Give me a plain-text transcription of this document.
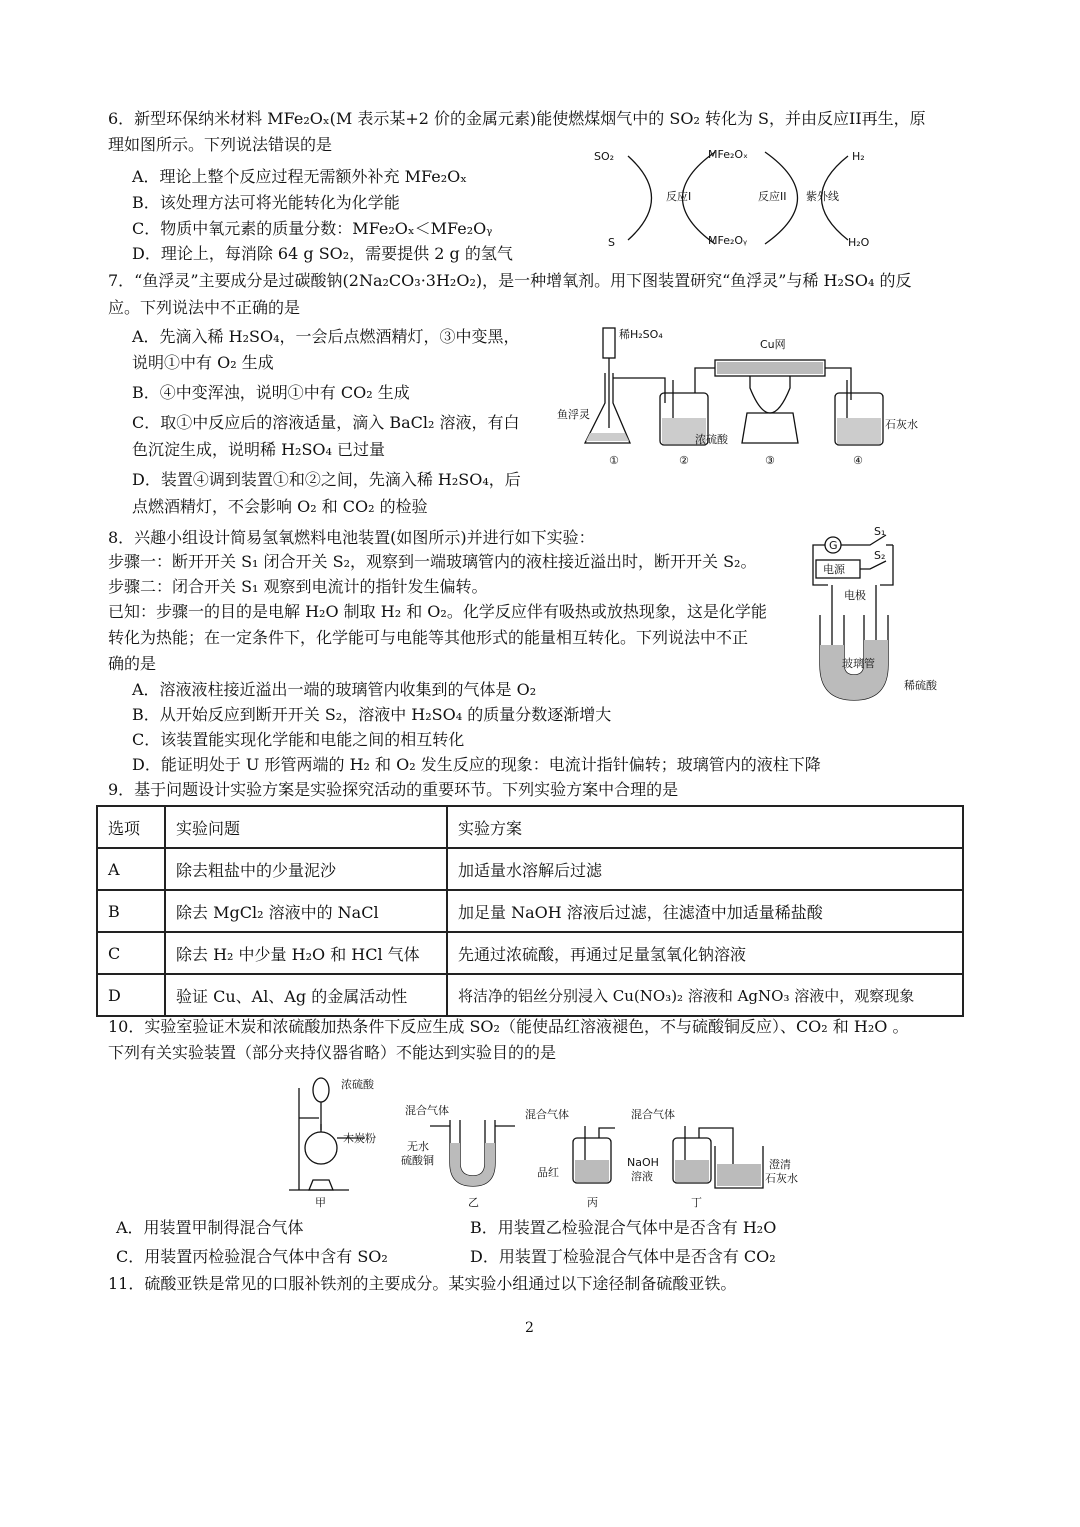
6．新型环保纳米材料 MFe₂Oₓ(M 表示某+2 价的金属元素)能使燃煤烟气中的 SO₂ 转化为 S，并由反应II再生，原
理如图所示。下列说法错误的是
A．理论上整个反应过程无需额外补充 MFe₂Oₓ
B．该处理方法可将光能转化为化学能
C．物质中氧元素的质量分数：MFe₂Oₓ＜MFe₂Oᵧ
D．理论上，每消除 64 g SO₂，需要提供 2 g 的氢气
SO₂
S
MFe₂Oₓ
MFe₂Oᵧ
H₂
H₂O
反应I	反应II 紫外线
7．“鱼浮灵”主要成分是过碳酸钠(2Na₂CO₃·3H₂O₂)，是一种增氧剂。用下图装置研究“鱼浮灵”与稀 H₂SO₄ 的反
应。下列说法中不正确的是
A．先滴入稀 H₂SO₄，一会后点燃酒精灯，③中变黑，
说明①中有 O₂ 生成
B．④中变浑浊，说明①中有 CO₂ 生成
C．取①中反应后的溶液适量，滴入 BaCl₂ 溶液，有白
色沉淀生成，说明稀 H₂SO₄ 已过量
D．装置④调到装置①和②之间，先滴入稀 H₂SO₄，后
点燃酒精灯，不会影响 O₂ 和 CO₂ 的检验
稀H₂SO₄
Cu网
鱼浮灵
浓硫酸
石灰水
①	②	③	④
8．兴趣小组设计简易氢氧燃料电池装置(如图所示)并进行如下实验：
步骤一：断开开关 S₁ 闭合开关 S₂，观察到一端玻璃管内的液柱接近溢出时，断开开关 S₂。
步骤二：闭合开关 S₁ 观察到电流计的指针发生偏转。
已知：步骤一的目的是电解 H₂O 制取 H₂ 和 O₂。化学反应伴有吸热或放热现象，这是化学能
转化为热能；在一定条件下，化学能可与电能等其他形式的能量相互转化。下列说法中不正
确的是
A．溶液液柱接近溢出一端的玻璃管内收集到的气体是 O₂
B．从开始反应到断开开关 S₂，溶液中 H₂SO₄ 的质量分数逐渐增大
C．该装置能实现化学能和电能之间的相互转化
D．能证明处于 U 形管两端的 H₂ 和 O₂ 发生反应的现象：电流计指针偏转；玻璃管内的液柱下降
G
S₁
S₂
电源
电极
玻璃管
稀硫酸
9．基于问题设计实验方案是实验探究活动的重要环节。下列实验方案中合理的是
选项	实验问题	实验方案
A	除去粗盐中的少量泥沙	加适量水溶解后过滤
B	除去 MgCl₂ 溶液中的 NaCl	加足量 NaOH 溶液后过滤，往滤渣中加适量稀盐酸
C	除去 H₂ 中少量 H₂O 和 HCl 气体	先通过浓硫酸，再通过足量氢氧化钠溶液
D	验证 Cu、Al、Ag 的金属活动性	将洁净的铝丝分别浸入 Cu(NO₃)₂ 溶液和 AgNO₃ 溶液中，观察现象
10．实验室验证木炭和浓硫酸加热条件下反应生成 SO₂（能使品红溶液褪色，不与硫酸铜反应）、CO₂ 和 H₂O 。
下列有关实验装置（部分夹持仪器省略）不能达到实验目的的是
浓硫酸
木炭粉
混合气体
无水
硫酸铜
混合气体
品红
混合气体
NaOH
溶液
澄清
石灰水
甲	乙	丙	丁
A．用装置甲制得混合气体	B．用装置乙检验混合气体中是否含有 H₂O
C．用装置丙检验混合气体中含有 SO₂	D．用装置丁检验混合气体中是否含有 CO₂
11．硫酸亚铁是常见的口服补铁剂的主要成分。某实验小组通过以下途径制备硫酸亚铁。
2
